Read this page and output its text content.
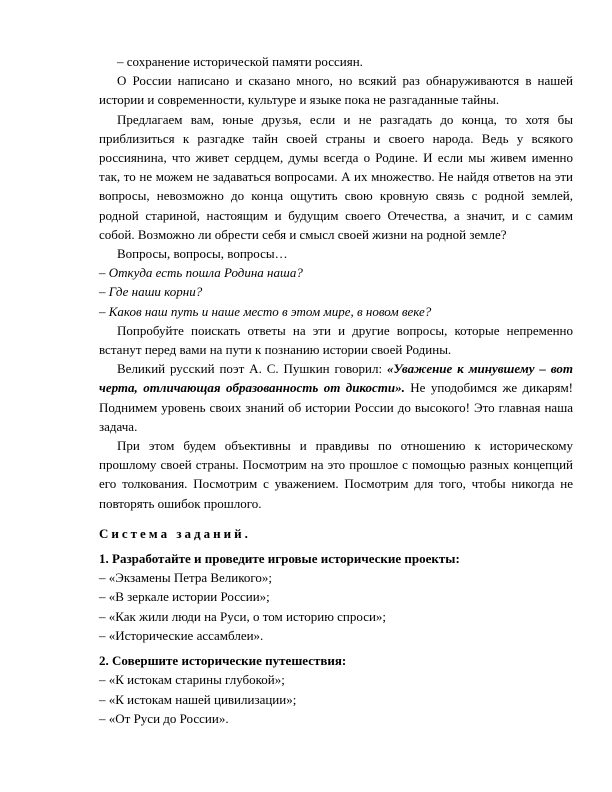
– сохранение исторической памяти россиян.

О России написано и сказано много, но всякий раз обнаруживаются в нашей истории и современности, культуре и языке пока не разгаданные тайны.

Предлагаем вам, юные друзья, если и не разгадать до конца, то хотя бы приблизиться к разгадке тайн своей страны и своего народа. Ведь у всякого россиянина, что живет сердцем, думы всегда о Родине. И если мы живем именно так, то не можем не задаваться вопросами. А их множество. Не найдя ответов на эти вопросы, невозможно до конца ощутить свою кровную связь с родной землей, родной стариной, настоящим и будущим своего Отечества, а значит, и с самим собой. Возможно ли обрести себя и смысл своей жизни на родной земле?

Вопросы, вопросы, вопросы…

– Откуда есть пошла Родина наша?

– Где наши корни?

– Каков наш путь и наше место в этом мире, в новом веке?

Попробуйте поискать ответы на эти и другие вопросы, которые непременно встанут перед вами на пути к познанию истории своей Родины.

Великий русский поэт А. С. Пушкин говорил: «Уважение к минувшему – вот черта, отличающая образованность от дикости». Не уподобимся же дикарям! Поднимем уровень своих знаний об истории России до высокого! Это главная наша задача.

При этом будем объективны и правдивы по отношению к историческому прошлому своей страны. Посмотрим на это прошлое с помощью разных концепций его толкования. Посмотрим с уважением. Посмотрим для того, чтобы никогда не повторять ошибок прошлого.

Система заданий.

1. Разработайте и проведите игровые исторические проекты:

– «Экзамены Петра Великого»;

– «В зеркале истории России»;

– «Как жили люди на Руси, о том историю спроси»;

– «Исторические ассамблеи».

2. Совершите исторические путешествия:

– «К истокам старины глубокой»;

– «К истокам нашей цивилизации»;

– «От Руси до России».
